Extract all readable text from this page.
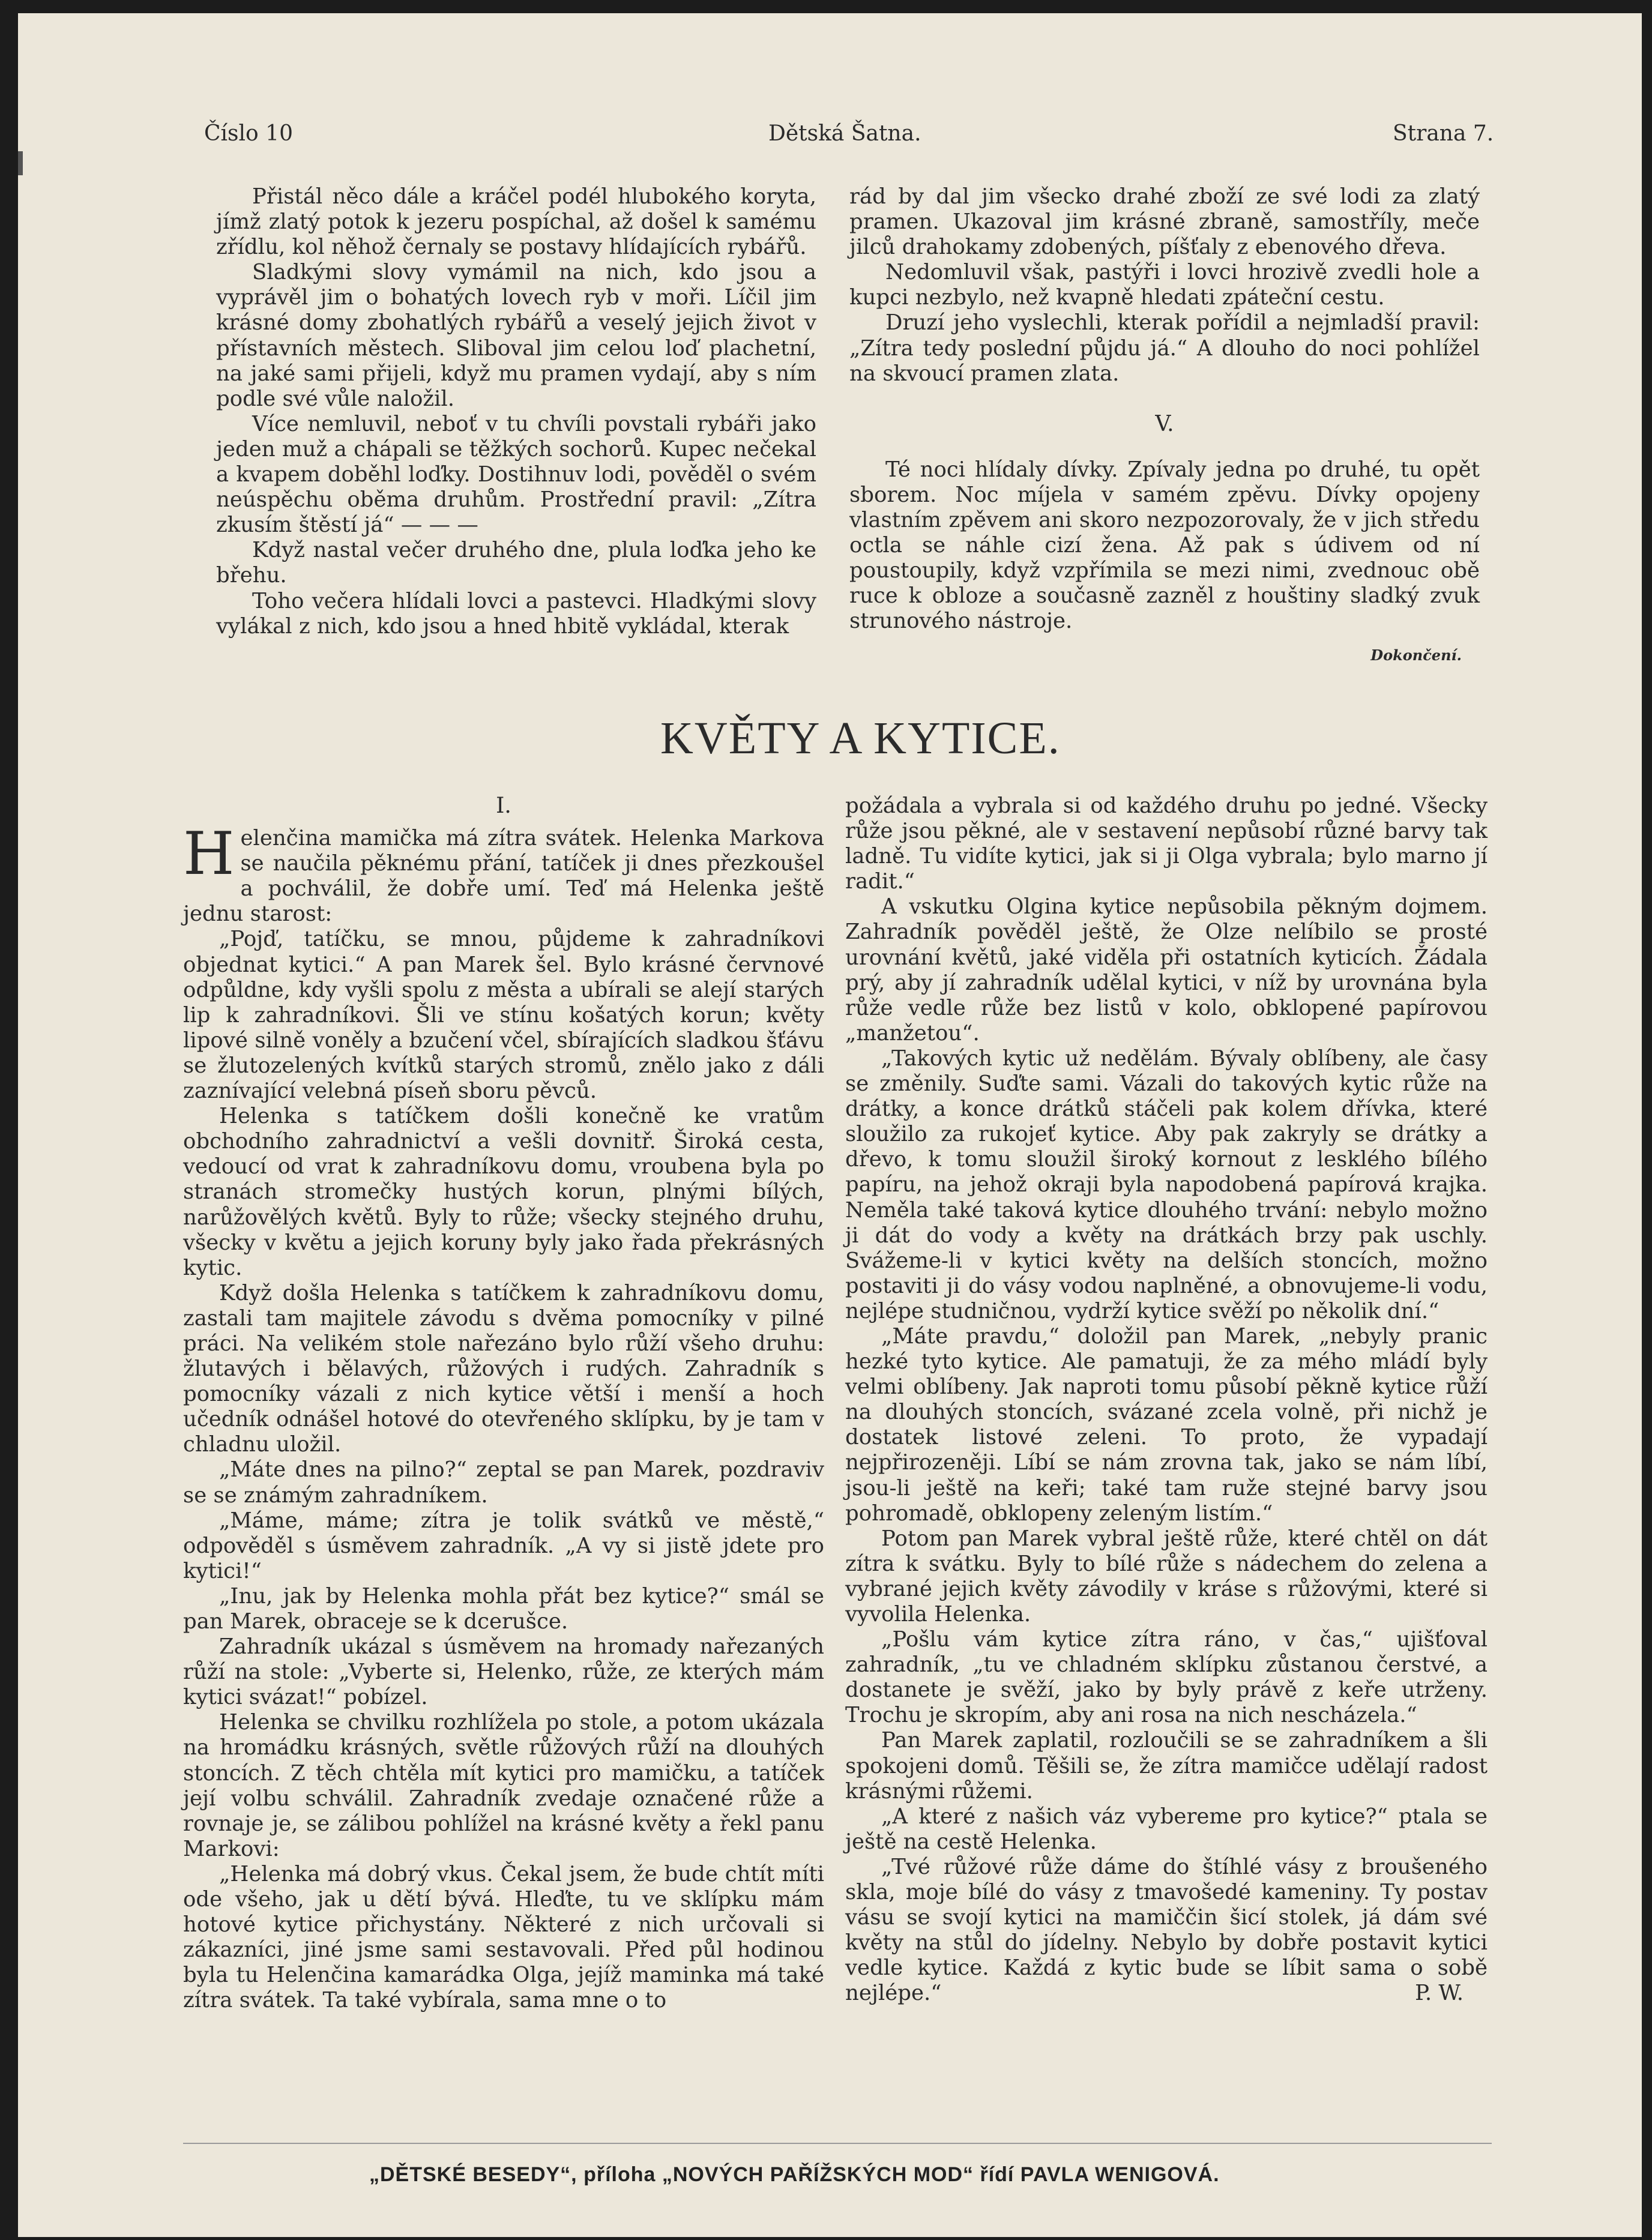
Číslo 10	Dětská Šatna.	Strana 7.

Přistál něco dále a kráčel podél hlubokého koryta, jímž zlatý potok k jezeru pospíchal, až došel k samému zřídlu, kol něhož černaly se postavy hlídajících rybářů.

Sladkými slovy vymámil na nich, kdo jsou a vyprávěl jim o bohatých lovech ryb v moři. Líčil jim krásné domy zbohatlých rybářů a veselý jejich život v přístavních městech. Sliboval jim celou loď plachetní, na jaké sami přijeli, když mu pramen vydají, aby s ním podle své vůle naložil.

Více nemluvil, neboť v tu chvíli povstali rybáři jako jeden muž a chápali se těžkých sochorů. Kupec nečekal a kvapem doběhl loďky. Dostihnuv lodi, pověděl o svém neúspěchu oběma druhům. Prostřední pravil: „Zítra zkusím štěstí já“ — — —

Když nastal večer druhého dne, plula loďka jeho ke břehu.

Toho večera hlídali lovci a pastevci. Hladkými slovy vylákal z nich, kdo jsou a hned hbitě vykládal, kterak

rád by dal jim všecko drahé zboží ze své lodi za zlatý pramen. Ukazoval jim krásné zbraně, samostříly, meče jilců drahokamy zdobených, píšťaly z ebenového dřeva.

Nedomluvil však, pastýři i lovci hrozivě zvedli hole a kupci nezbylo, než kvapně hledati zpáteční cestu.

Druzí jeho vyslechli, kterak pořídil a nejmladší pravil: „Zítra tedy poslední půjdu já.“ A dlouho do noci pohlížel na skvoucí pramen zlata.

V.

Té noci hlídaly dívky. Zpívaly jedna po druhé, tu opět sborem. Noc míjela v samém zpěvu. Dívky opojeny vlastním zpěvem ani skoro nezpozorovaly, že v jich středu octla se náhle cizí žena. Až pak s údivem od ní poustoupily, když vzpřímila se mezi nimi, zvednouc obě ruce k obloze a současně zazněl z houštiny sladký zvuk strunového nástroje.

Dokončení.
KVĚTY A KYTICE.
I.

Helenčina mamička má zítra svátek. Helenka Markova se naučila pěknému přání, tatíček ji dnes přezkoušel a pochválil, že dobře umí. Teď má Helenka ještě jednu starost:

„Pojď, tatíčku, se mnou, půjdeme k zahradníkovi objednat kytici.“ A pan Marek šel. Bylo krásné červnové odpůldne, kdy vyšli spolu z města a ubírali se alejí starých lip k zahradníkovi. Šli ve stínu košatých korun; květy lipové silně voněly a bzučení včel, sbírajících sladkou šťávu se žlutozelených kvítků starých stromů, znělo jako z dáli zaznívající velebná píseň sboru pěvců.

Helenka s tatíčkem došli konečně ke vratům obchodního zahradnictví a vešli dovnitř. Široká cesta, vedoucí od vrat k zahradníkovu domu, vroubena byla po stranách stromečky hustých korun, plnými bílých, narůžovělých květů. Byly to růže; všecky stejného druhu, všecky v květu a jejich koruny byly jako řada překrásných kytic.

Když došla Helenka s tatíčkem k zahradníkovu domu, zastali tam majitele závodu s dvěma pomocníky v pilné práci. Na velikém stole nařezáno bylo růží všeho druhu: žlutavých i bělavých, růžových i rudých. Zahradník s pomocníky vázali z nich kytice větší i menší a hoch učedník odnášel hotové do otevřeného sklípku, by je tam v chladnu uložil.

„Máte dnes na pilno?“ zeptal se pan Marek, pozdraviv se se známým zahradníkem.

„Máme, máme; zítra je tolik svátků ve městě,“ odpověděl s úsměvem zahradník. „A vy si jistě jdete pro kytici!“

„Inu, jak by Helenka mohla přát bez kytice?“ smál se pan Marek, obraceje se k dcerušce.

Zahradník ukázal s úsměvem na hromady nařezaných růží na stole: „Vyberte si, Helenko, růže, ze kterých mám kytici svázat!“ pobízel.

Helenka se chvilku rozhlížela po stole, a potom ukázala na hromádku krásných, světle růžových růží na dlouhých stoncích. Z těch chtěla mít kytici pro mamičku, a tatíček její volbu schválil. Zahradník zvedaje označené růže a rovnaje je, se zálibou pohlížel na krásné květy a řekl panu Markovi:

„Helenka má dobrý vkus. Čekal jsem, že bude chtít míti ode všeho, jak u dětí bývá. Hleďte, tu ve sklípku mám hotové kytice přichystány. Některé z nich určovali si zákazníci, jiné jsme sami sestavovali. Před půl hodinou byla tu Helenčina kamarádka Olga, jejíž maminka má také zítra svátek. Ta také vybírala, sama mne o to

požádala a vybrala si od každého druhu po jedné. Všecky růže jsou pěkné, ale v sestavení nepůsobí různé barvy tak ladně. Tu vidíte kytici, jak si ji Olga vybrala; bylo marno jí radit.“

A vskutku Olgina kytice nepůsobila pěkným dojmem. Zahradník pověděl ještě, že Olze nelíbilo se prosté urovnání květů, jaké viděla při ostatních kyticích. Žádala prý, aby jí zahradník udělal kytici, v níž by urovnána byla růže vedle růže bez listů v kolo, obklopené papírovou „manžetou“.

„Takových kytic už nedělám. Bývaly oblíbeny, ale časy se změnily. Suďte sami. Vázali do takových kytic růže na drátky, a konce drátků stáčeli pak kolem dřívka, které sloužilo za rukojeť kytice. Aby pak zakryly se drátky a dřevo, k tomu sloužil široký kornout z lesklého bílého papíru, na jehož okraji byla napodobená papírová krajka. Neměla také taková kytice dlouhého trvání: nebylo možno ji dát do vody a květy na drátkách brzy pak uschly. Svážeme-li v kytici květy na delších stoncích, možno postaviti ji do vásy vodou naplněné, a obnovujeme-li vodu, nejlépe studničnou, vydrží kytice svěží po několik dní.“

„Máte pravdu,“ doložil pan Marek, „nebyly pranic hezké tyto kytice. Ale pamatuji, že za mého mládí byly velmi oblíbeny. Jak naproti tomu působí pěkně kytice růží na dlouhých stoncích, svázané zcela volně, při nichž je dostatek listové zeleni. To proto, že vypadají nejpřirozeněji. Líbí se nám zrovna tak, jako se nám líbí, jsou-li ještě na keři; také tam ruže stejné barvy jsou pohromadě, obklopeny zeleným listím.“

Potom pan Marek vybral ještě růže, které chtěl on dát zítra k svátku. Byly to bílé růže s nádechem do zelena a vybrané jejich květy závodily v kráse s růžovými, které si vyvolila Helenka.

„Pošlu vám kytice zítra ráno, v čas,“ ujišťoval zahradník, „tu ve chladném sklípku zůstanou čerstvé, a dostanete je svěží, jako by byly právě z keře utrženy. Trochu je skropím, aby ani rosa na nich nescházela.“

Pan Marek zaplatil, rozloučili se se zahradníkem a šli spokojeni domů. Těšili se, že zítra mamičce udělají radost krásnými růžemi.

„A které z našich váz vybereme pro kytice?“ ptala se ještě na cestě Helenka.

„Tvé růžové růže dáme do štíhlé vásy z broušeného skla, moje bílé do vásy z tmavošedé kameniny. Ty postav vásu se svojí kytici na mamiččin šicí stolek, já dám své květy na stůl do jídelny. Nebylo by dobře postavit kytici vedle kytice. Každá z kytic bude se líbit sama o sobě nejlépe.“	P. W.

„DĚTSKÉ BESEDY“, příloha „NOVÝCH PAŘÍŽSKÝCH MOD“ řídí PAVLA WENIGOVÁ.
